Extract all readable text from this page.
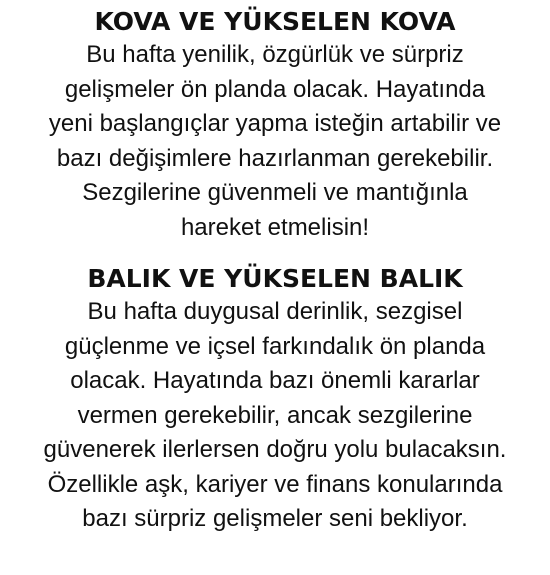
KOVA VE YÜKSELEN KOVA

Bu hafta yenilik, özgürlük ve sürpriz

gelişmeler ön planda olacak. Hayatında

yeni başlangıçlar yapma isteğin artabilir ve

bazı değişimlere hazırlanman gerekebilir.

Sezgilerine güvenmeli ve mantığınla

hareket etmelisin!

BALIK VE YÜKSELEN BALIK

Bu hafta duygusal derinlik, sezgisel

güçlenme ve içsel farkındalık ön planda

olacak. Hayatında bazı önemli kararlar

vermen gerekebilir, ancak sezgilerine

güvenerek ilerlersen doğru yolu bulacaksın.

Özellikle aşk, kariyer ve finans konularında

bazı sürpriz gelişmeler seni bekliyor.
